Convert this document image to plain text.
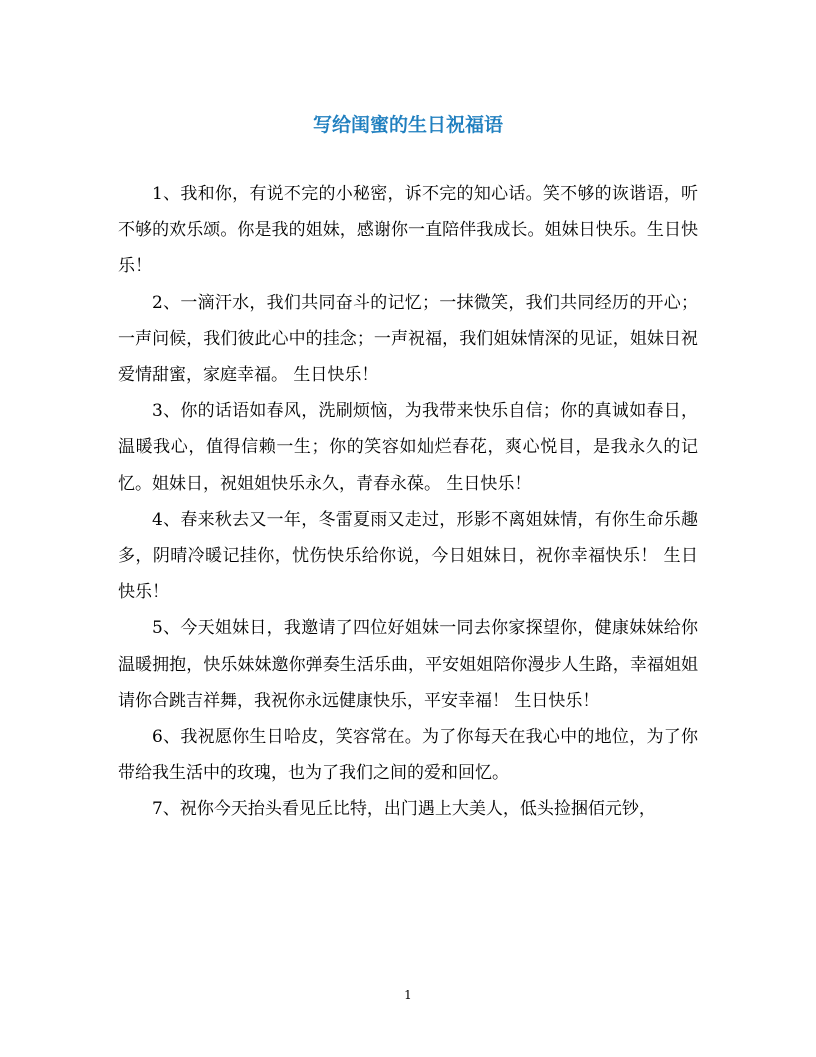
写给闺蜜的生日祝福语

1、我和你，有说不完的小秘密，诉不完的知心话。笑不够的诙谐语，听不够的欢乐颂。你是我的姐妹，感谢你一直陪伴我成长。姐妹日快乐。生日快乐！

2、一滴汗水，我们共同奋斗的记忆；一抹微笑，我们共同经历的开心；一声问候，我们彼此心中的挂念；一声祝福，我们姐妹情深的见证，姐妹日祝爱情甜蜜，家庭幸福。 生日快乐！

3、你的话语如春风，洗刷烦恼，为我带来快乐自信；你的真诚如春日，温暖我心，值得信赖一生；你的笑容如灿烂春花，爽心悦目，是我永久的记忆。姐妹日，祝姐姐快乐永久，青春永葆。 生日快乐！

4、春来秋去又一年，冬雷夏雨又走过，形影不离姐妹情，有你生命乐趣多，阴晴冷暖记挂你，忧伤快乐给你说，今日姐妹日，祝你幸福快乐！ 生日快乐！

5、今天姐妹日，我邀请了四位好姐妹一同去你家探望你，健康妹妹给你温暖拥抱，快乐妹妹邀你弹奏生活乐曲，平安姐姐陪你漫步人生路，幸福姐姐请你合跳吉祥舞，我祝你永远健康快乐，平安幸福！ 生日快乐！

6、我祝愿你生日哈皮，笑容常在。为了你每天在我心中的地位，为了你带给我生活中的玫瑰，也为了我们之间的爱和回忆。

7、祝你今天抬头看见丘比特，出门遇上大美人，低头捡捆佰元钞，

1
